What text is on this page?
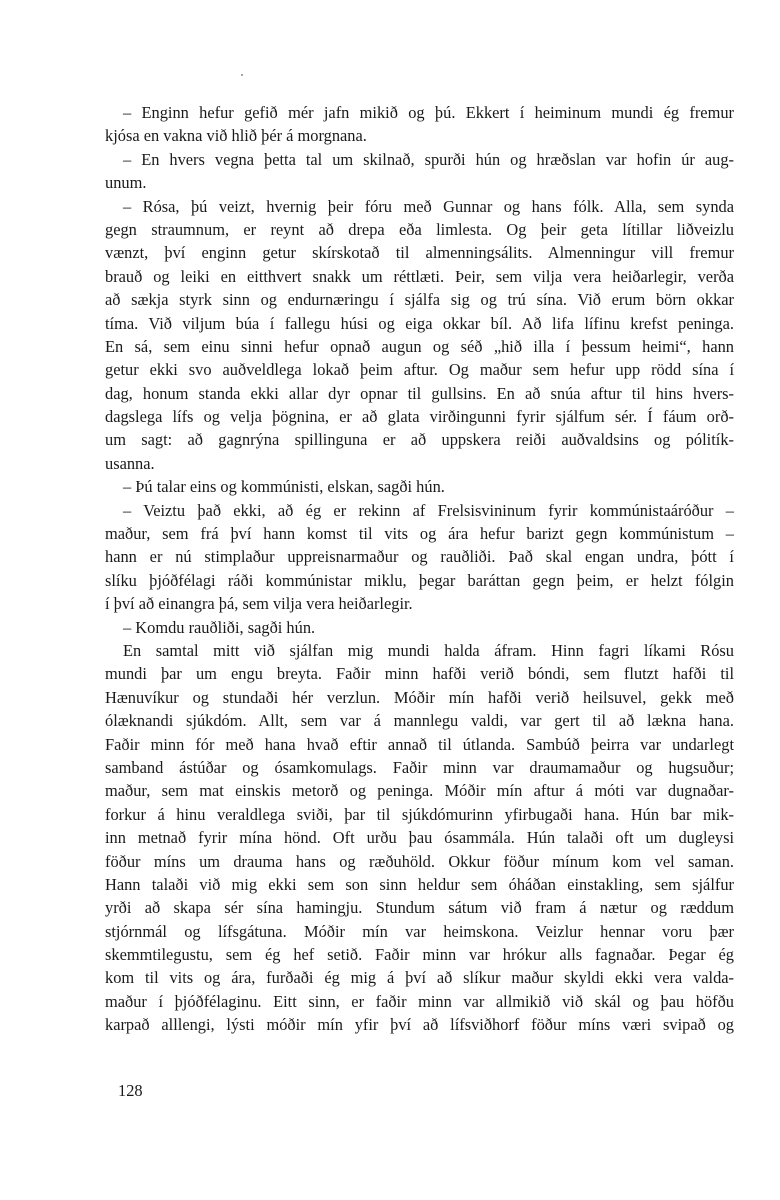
– Enginn hefur gefið mér jafn mikið og þú. Ekkert í heiminum mundi ég fremur
kjósa en vakna við hlið þér á morgnana.
– En hvers vegna þetta tal um skilnað, spurði hún og hræðslan var hofin úr aug-
unum.
– Rósa, þú veizt, hvernig þeir fóru með Gunnar og hans fólk. Alla, sem synda
gegn straumnum, er reynt að drepa eða limlesta. Og þeir geta lítillar liðveizlu
vænzt, því enginn getur skírskotað til almenningsálits. Almenningur vill fremur
brauð og leiki en eitthvert snakk um réttlæti. Þeir, sem vilja vera heiðarlegir, verða
að sækja styrk sinn og endurnæringu í sjálfa sig og trú sína. Við erum börn okkar
tíma. Við viljum búa í fallegu húsi og eiga okkar bíl. Að lifa lífinu krefst peninga.
En sá, sem einu sinni hefur opnað augun og séð „hið illa í þessum heimi“, hann
getur ekki svo auðveldlega lokað þeim aftur. Og maður sem hefur upp rödd sína í
dag, honum standa ekki allar dyr opnar til gullsins. En að snúa aftur til hins hvers-
dagslega lífs og velja þögnina, er að glata virðingunni fyrir sjálfum sér. Í fáum orð-
um sagt: að gagnrýna spillinguna er að uppskera reiði auðvaldsins og pólitík-
usanna.
– Þú talar eins og kommúnisti, elskan, sagði hún.
– Veiztu það ekki, að ég er rekinn af Frelsisvininum fyrir kommúnistaáróður –
maður, sem frá því hann komst til vits og ára hefur barizt gegn kommúnistum –
hann er nú stimplaður uppreisnarmaður og rauðliði. Það skal engan undra, þótt í
slíku þjóðfélagi ráði kommúnistar miklu, þegar baráttan gegn þeim, er helzt fólgin
í því að einangra þá, sem vilja vera heiðarlegir.
– Komdu rauðliði, sagði hún.
En samtal mitt við sjálfan mig mundi halda áfram. Hinn fagri líkami Rósu
mundi þar um engu breyta. Faðir minn hafði verið bóndi, sem flutzt hafði til
Hænuvíkur og stundaði hér verzlun. Móðir mín hafði verið heilsuvel, gekk með
ólæknandi sjúkdóm. Allt, sem var á mannlegu valdi, var gert til að lækna hana.
Faðir minn fór með hana hvað eftir annað til útlanda. Sambúð þeirra var undarlegt
samband ástúðar og ósamkomulags. Faðir minn var draumamaður og hugsuður;
maður, sem mat einskis metorð og peninga. Móðir mín aftur á móti var dugnaðar-
forkur á hinu veraldlega sviði, þar til sjúkdómurinn yfirbugaði hana. Hún bar mik-
inn metnað fyrir mína hönd. Oft urðu þau ósammála. Hún talaði oft um dugleysi
föður míns um drauma hans og ræðuhöld. Okkur föður mínum kom vel saman.
Hann talaði við mig ekki sem son sinn heldur sem óháðan einstakling, sem sjálfur
yrði að skapa sér sína hamingju. Stundum sátum við fram á nætur og ræddum
stjórnmál og lífsgátuna. Móðir mín var heimskona. Veizlur hennar voru þær
skemmtilegustu, sem ég hef setið. Faðir minn var hrókur alls fagnaðar. Þegar ég
kom til vits og ára, furðaði ég mig á því að slíkur maður skyldi ekki vera valda-
maður í þjóðfélaginu. Eitt sinn, er faðir minn var allmikið við skál og þau höfðu
karpað alllengi, lýsti móðir mín yfir því að lífsviðhorf föður míns væri svipað og
128
